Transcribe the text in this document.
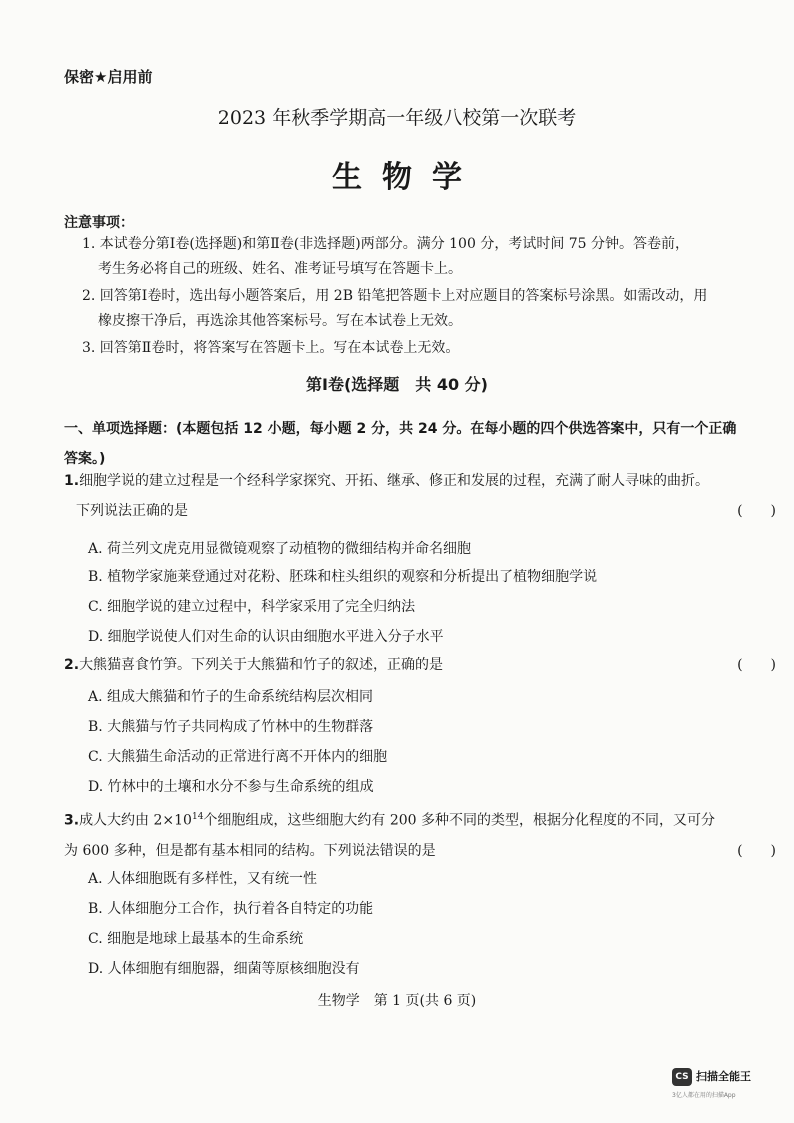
保密★启用前
2023 年秋季学期高一年级八校第一次联考
生物学
注意事项：
1. 本试卷分第Ⅰ卷(选择题)和第Ⅱ卷(非选择题)两部分。满分 100 分，考试时间 75 分钟。答卷前，
考生务必将自己的班级、姓名、准考证号填写在答题卡上。
2. 回答第Ⅰ卷时，选出每小题答案后，用 2B 铅笔把答题卡上对应题目的答案标号涂黑。如需改动，用
橡皮擦干净后，再选涂其他答案标号。写在本试卷上无效。
3. 回答第Ⅱ卷时，将答案写在答题卡上。写在本试卷上无效。
第Ⅰ卷(选择题　共 40 分)
一、单项选择题：(本题包括 12 小题，每小题 2 分，共 24 分。在每小题的四个供选答案中，只有一个正确
答案。)
1.细胞学说的建立过程是一个经科学家探究、开拓、继承、修正和发展的过程，充满了耐人寻味的曲折。
下列说法正确的是	(　　)
A. 荷兰列文虎克用显微镜观察了动植物的微细结构并命名细胞
B. 植物学家施莱登通过对花粉、胚珠和柱头组织的观察和分析提出了植物细胞学说
C. 细胞学说的建立过程中，科学家采用了完全归纳法
D. 细胞学说使人们对生命的认识由细胞水平进入分子水平
2.大熊猫喜食竹笋。下列关于大熊猫和竹子的叙述，正确的是	(　　)
A. 组成大熊猫和竹子的生命系统结构层次相同
B. 大熊猫与竹子共同构成了竹林中的生物群落
C. 大熊猫生命活动的正常进行离不开体内的细胞
D. 竹林中的土壤和水分不参与生命系统的组成
3.成人大约由 $2\times 10^{14}$个细胞组成，这些细胞大约有 200 多种不同的类型，根据分化程度的不同，又可分
为 600 多种，但是都有基本相同的结构。下列说法错误的是	(　　)
A. 人体细胞既有多样性，又有统一性
B. 人体细胞分工合作，执行着各自特定的功能
C. 细胞是地球上最基本的生命系统
D. 人体细胞有细胞器，细菌等原核细胞没有
生物学　第 1 页(共 6 页)
CS 扫描全能王
3亿人都在用的扫描App
